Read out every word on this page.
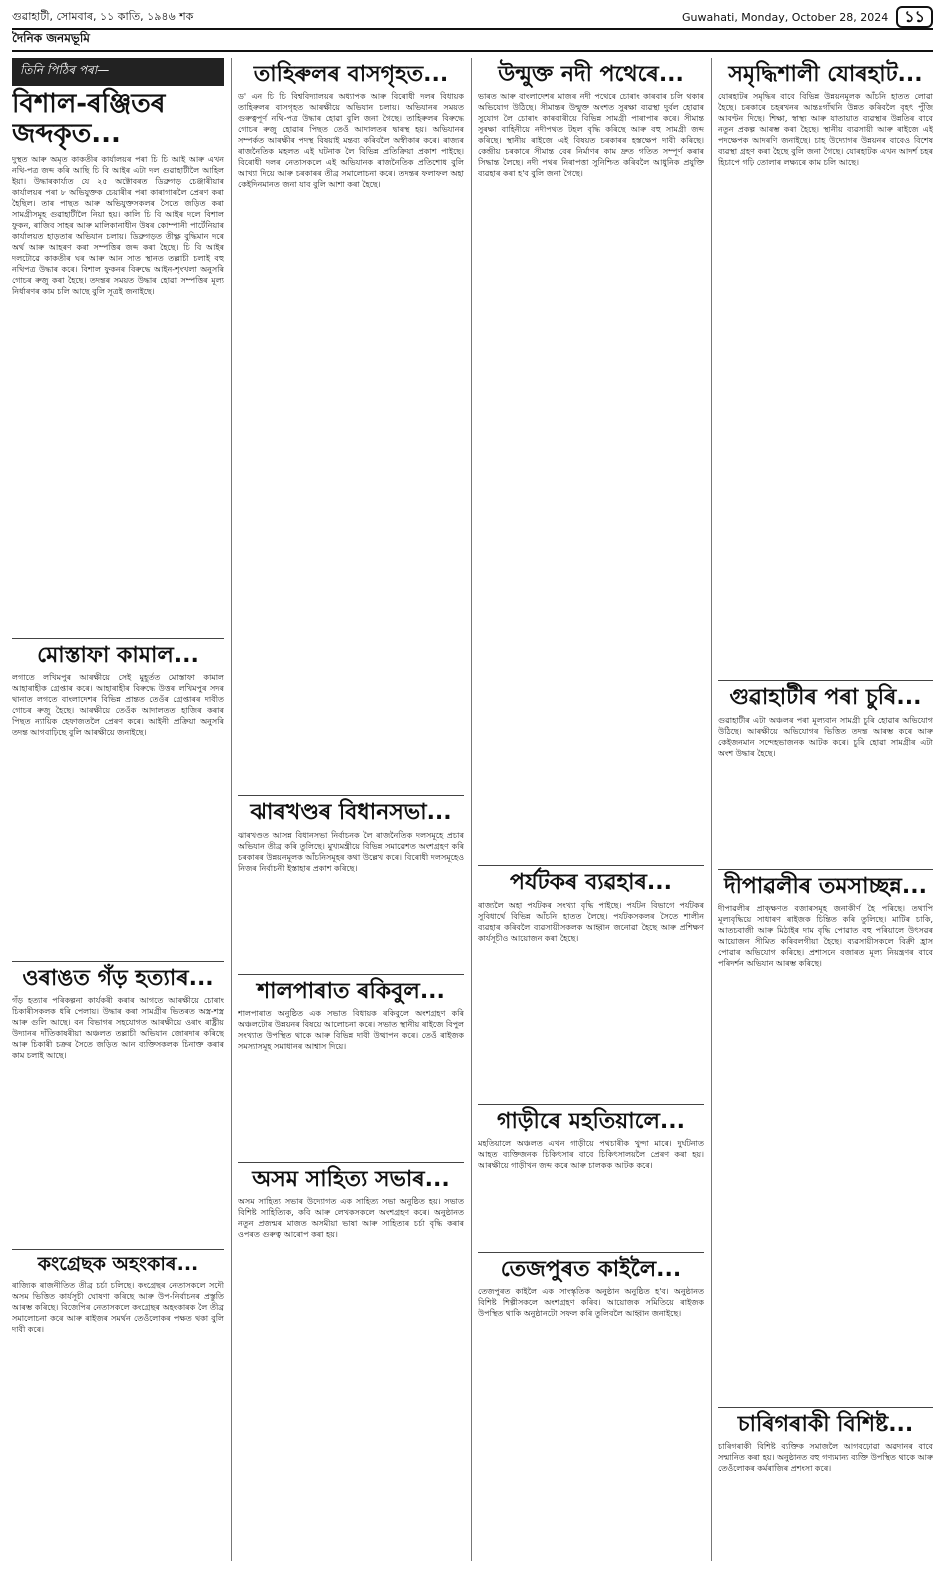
গুৱাহাটী, সোমবাৰ, ১১ কাতি, ১৯৪৬ শক	Guwahati, Monday, October 28, 2024	১১
দৈনিক জনমভূমি
তিনি পিঠিৰ পৰা—
বিশাল-ৰঞ্জিতৰ জব্দকৃত...
দুস্থত আৰু অমৃত কাকতীৰ কাৰ্যালয়ৰ পৰা চি চি আই আৰু এখন নথি-পত্ৰ জব্দ কৰি আছি চি বি আইৰ এটা দল গুৱাহাটীলৈ আহিল ইয়া। উদ্ধাৰকাৰ্য্যত যে ২৫ অক্টোবৰত ডিব্ৰুগড় চেঞ্জাৰীয়াৰ কাৰ্যালয়ৰ পৰা ৮ অভিযুক্তক চেয়াৰীৰ পৰা কাৰাগাৰলৈ প্ৰেৰণ কৰা হৈছিল। তাৰ পাছত আৰু অভিযুক্তসকলৰ সৈতে জড়িত কৰা সামগ্ৰীসমূহ গুৱাহাটীলৈ নিয়া হয়। কালি চি বি আইৰ দলে বিশাল ফুকন, ৰাজিব সাহৰ আৰু মালিকানাধীন উষৰ কোম্পানী পাৰ্টেনিয়াৰ কাৰ্যালয়ত হাড়তাৰ অভিযান চলায়। ডিব্ৰুগড়ত তীক্ষ্ণ বুদ্ধিমান দৰে অৰ্থ আৰু আহৰণ কৰা সম্পত্তিৰ জব্দ কৰা হৈছে। চি বি আইৰ দলটোৱে কাকতীৰ ঘৰ আৰু আন সাত স্থানত তল্লাচী চলাই বহু নথিপত্ৰ উদ্ধাৰ কৰে। বিশাল ফুকনৰ বিৰুদ্ধে আইন-শৃংখলা অনুসৰি গোচৰ ৰুজু কৰা হৈছে। তদন্তৰ সময়ত উদ্ধাৰ হোৱা সম্পত্তিৰ মূল্য নিৰ্ধাৰণৰ কাম চলি আছে বুলি সূত্ৰই জনাইছে।
মোস্তাফা কামাল...
লগাতে লখিমপুৰ আৰক্ষীয়ে সেই মুহূৰ্তত মোস্তাফা কামাল আহাৰাহীক গ্ৰেপ্তাৰ কৰে। আহাৰাহীৰ বিৰুদ্ধে উত্তৰ লখিমপুৰ সদৰ থানাত লগতে বাংলাদেশৰ বিভিন্ন প্ৰান্তত তেওঁৰ গ্ৰেপ্তাৰৰ দাবীত গোচৰ ৰুজু হৈছে। আৰক্ষীয়ে তেওঁক আদালতত হাজিৰ কৰাৰ পিছত ন্যায়িক হেফাজতলৈ প্ৰেৰণ কৰে। আইনী প্ৰক্ৰিয়া অনুসৰি তদন্ত আগবাঢ়িছে বুলি আৰক্ষীয়ে জনাইছে।
ওৰাঙত গঁড় হত্যাৰ...
গঁড় হত্যাৰ পৰিকল্পনা কাৰ্যকৰী কৰাৰ আগতে আৰক্ষীয়ে চোৰাং চিকাৰীসকলক ধৰি পেলায়। উদ্ধাৰ কৰা সামগ্ৰীৰ ভিতৰত অস্ত্ৰ-শস্ত্ৰ আৰু গুলি আছে। বন বিভাগৰ সহযোগত আৰক্ষীয়ে ওৰাং ৰাষ্ট্ৰীয় উদ্যানৰ দাঁতিকাষৰীয়া অঞ্চলত তল্লাচী অভিযান জোৰদাৰ কৰিছে আৰু চিকাৰী চক্ৰৰ সৈতে জড়িত আন ব্যক্তিসকলক চিনাক্ত কৰাৰ কাম চলাই আছে।
কংগ্ৰেছক অহংকাৰ...
ৰাজ্যিক ৰাজনীতিত তীব্ৰ চৰ্চা চলিছে। কংগ্ৰেছৰ নেতাসকলে সদৌ অসম ভিত্তিত কাৰ্যসূচী ঘোষণা কৰিছে আৰু উপ-নিৰ্বাচনৰ প্ৰস্তুতি আৰম্ভ কৰিছে। বিজেপিৰ নেতাসকলে কংগ্ৰেছৰ অহংকাৰক লৈ তীব্ৰ সমালোচনা কৰে আৰু ৰাইজৰ সমৰ্থন তেওঁলোকৰ পক্ষত থকা বুলি দাবী কৰে।
তাহিৰুলৰ বাসগৃহত...
ড' এন চি চি বিশ্ববিদ্যালয়ৰ অধ্যাপক আৰু বিৰোধী দলৰ বিধায়ক তাহিৰুলৰ বাসগৃহত আৰক্ষীয়ে অভিযান চলায়। অভিযানৰ সময়ত গুৰুত্বপূৰ্ণ নথি-পত্ৰ উদ্ধাৰ হোৱা বুলি জনা গৈছে। তাহিৰুলৰ বিৰুদ্ধে গোচৰ ৰুজু হোৱাৰ পিছত তেওঁ আদালতৰ দ্বাৰস্থ হয়। অভিযানৰ সম্পৰ্কত আৰক্ষীৰ পদস্থ বিষয়াই মন্তব্য কৰিবলৈ অস্বীকাৰ কৰে। ৰাজ্যৰ ৰাজনৈতিক মহলত এই ঘটনাক লৈ বিভিন্ন প্ৰতিক্ৰিয়া প্ৰকাশ পাইছে। বিৰোধী দলৰ নেতাসকলে এই অভিযানক ৰাজনৈতিক প্ৰতিশোধ বুলি আখ্যা দিয়ে আৰু চৰকাৰৰ তীব্ৰ সমালোচনা কৰে। তদন্তৰ ফলাফল অহা কেইদিনমানত জনা যাব বুলি আশা কৰা হৈছে।
ঝাৰখণ্ডৰ বিধানসভা...
ঝাৰখণ্ডত আসন্ন বিধানসভা নিৰ্বাচনক লৈ ৰাজনৈতিক দলসমূহে প্ৰচাৰ অভিযান তীব্ৰ কৰি তুলিছে। মুখ্যমন্ত্ৰীয়ে বিভিন্ন সমাৱেশত অংশগ্ৰহণ কৰি চৰকাৰৰ উন্নয়নমূলক আঁচনিসমূহৰ কথা উল্লেখ কৰে। বিৰোধী দলসমূহেও নিজৰ নিৰ্বাচনী ইস্তাহাৰ প্ৰকাশ কৰিছে।
শালপাৰাত ৰকিবুল...
শালপাৰাত অনুষ্ঠিত এক সভাত বিধায়ক ৰকিবুলে অংশগ্ৰহণ কৰি অঞ্চলটোৰ উন্নয়নৰ বিষয়ে আলোচনা কৰে। সভাত স্থানীয় ৰাইজে বিপুল সংখ্যাত উপস্থিত থাকে আৰু বিভিন্ন দাবী উত্থাপন কৰে। তেওঁ ৰাইজক সমস্যাসমূহ সমাধানৰ আশ্বাস দিয়ে।
অসম সাহিত্য সভাৰ...
অসম সাহিত্য সভাৰ উদ্যোগত এক সাহিত্য সভা অনুষ্ঠিত হয়। সভাত বিশিষ্ট সাহিত্যিক, কবি আৰু লেখকসকলে অংশগ্ৰহণ কৰে। অনুষ্ঠানত নতুন প্ৰজন্মৰ মাজত অসমীয়া ভাষা আৰু সাহিত্যৰ চৰ্চা বৃদ্ধি কৰাৰ ওপৰত গুৰুত্ব আৰোপ কৰা হয়।
উন্মুক্ত নদী পথেৰে...
ভাৰত আৰু বাংলাদেশৰ মাজৰ নদী পথেৰে চোৰাং কাৰবাৰ চলি থকাৰ অভিযোগ উঠিছে। সীমান্তৰ উন্মুক্ত অংশত সুৰক্ষা ব্যৱস্থা দুৰ্বল হোৱাৰ সুযোগ লৈ চোৰাং কাৰবাৰীয়ে বিভিন্ন সামগ্ৰী পাৰাপাৰ কৰে। সীমান্ত সুৰক্ষা বাহিনীয়ে নদীপথত টহল বৃদ্ধি কৰিছে আৰু বহু সামগ্ৰী জব্দ কৰিছে। স্থানীয় ৰাইজে এই বিষয়ত চৰকাৰৰ হস্তক্ষেপ দাবী কৰিছে। কেন্দ্ৰীয় চৰকাৰে সীমান্ত বেৰ নিৰ্মাণৰ কাম দ্ৰুত গতিত সম্পূৰ্ণ কৰাৰ সিদ্ধান্ত লৈছে। নদী পথৰ নিৰাপত্তা সুনিশ্চিত কৰিবলৈ আধুনিক প্ৰযুক্তি ব্যৱহাৰ কৰা হ'ব বুলি জনা গৈছে।
পৰ্যটকৰ ব্যৱহাৰ...
ৰাজ্যলৈ অহা পৰ্যটকৰ সংখ্যা বৃদ্ধি পাইছে। পৰ্যটন বিভাগে পৰ্যটকৰ সুবিধাৰ্থে বিভিন্ন আঁচনি হাতত লৈছে। পৰ্যটকসকলৰ সৈতে শালীন ব্যৱহাৰ কৰিবলৈ ব্যৱসায়ীসকলক আহ্বান জনোৱা হৈছে আৰু প্ৰশিক্ষণ কাৰ্যসূচীও আয়োজন কৰা হৈছে।
গাড়ীৰে মহতিয়ালে...
মহতিয়ালে অঞ্চলত এখন গাড়ীয়ে পথচাৰীক খুন্দা মাৰে। দুৰ্ঘটনাত আহত ব্যক্তিজনক চিকিৎসাৰ বাবে চিকিৎসালয়লৈ প্ৰেৰণ কৰা হয়। আৰক্ষীয়ে গাড়ীখন জব্দ কৰে আৰু চালকক আটক কৰে।
তেজপুৰত কাইলৈ...
তেজপুৰত কাইলৈ এক সাংস্কৃতিক অনুষ্ঠান অনুষ্ঠিত হ'ব। অনুষ্ঠানত বিশিষ্ট শিল্পীসকলে অংশগ্ৰহণ কৰিব। আয়োজক সমিতিয়ে ৰাইজক উপস্থিত থাকি অনুষ্ঠানটো সফল কৰি তুলিবলৈ আহ্বান জনাইছে।
সমৃদ্ধিশালী যোৰহাট...
যোৰহাটৰ সমৃদ্ধিৰ বাবে বিভিন্ন উন্নয়নমূলক আঁচনি হাতত লোৱা হৈছে। চৰকাৰে চহৰখনৰ আন্তঃগাঁথনি উন্নত কৰিবলৈ বৃহৎ পুঁজি আবণ্টন দিছে। শিক্ষা, স্বাস্থ্য আৰু যাতায়াত ব্যৱস্থাৰ উন্নতিৰ বাবে নতুন প্ৰকল্প আৰম্ভ কৰা হৈছে। স্থানীয় ব্যৱসায়ী আৰু ৰাইজে এই পদক্ষেপক আদৰণি জনাইছে। চাহ উদ্যোগৰ উন্নয়নৰ বাবেও বিশেষ ব্যৱস্থা গ্ৰহণ কৰা হৈছে বুলি জনা গৈছে। যোৰহাটক এখন আদৰ্শ চহৰ হিচাপে গঢ়ি তোলাৰ লক্ষ্যৰে কাম চলি আছে।
গুৱাহাটীৰ পৰা চুৰি...
গুৱাহাটীৰ এটা অঞ্চলৰ পৰা মূল্যবান সামগ্ৰী চুৰি হোৱাৰ অভিযোগ উঠিছে। আৰক্ষীয়ে অভিযোগৰ ভিত্তিত তদন্ত আৰম্ভ কৰে আৰু কেইজনমান সন্দেহভাজনক আটক কৰে। চুৰি হোৱা সামগ্ৰীৰ এটা অংশ উদ্ধাৰ হৈছে।
দীপাৱলীৰ তমসাচ্ছন্ন...
দীপাৱলীৰ প্ৰাক্ক্ষণত বজাৰসমূহ জনাকীৰ্ণ হৈ পৰিছে। তথাপি মূল্যবৃদ্ধিয়ে সাধাৰণ ৰাইজক চিন্তিত কৰি তুলিছে। মাটিৰ চাকি, আতচবাজী আৰু মিঠাইৰ দাম বৃদ্ধি পোৱাত বহু পৰিয়ালে উৎসৱৰ আয়োজন সীমিত কৰিবলগীয়া হৈছে। ব্যৱসায়ীসকলে বিক্ৰী হ্ৰাস পোৱাৰ অভিযোগ কৰিছে। প্ৰশাসনে বজাৰত মূল্য নিয়ন্ত্ৰণৰ বাবে পৰিদৰ্শন অভিযান আৰম্ভ কৰিছে।
চাৰিগৰাকী বিশিষ্ট...
চাৰিগৰাকী বিশিষ্ট ব্যক্তিক সমাজলৈ আগবঢ়োৱা অৱদানৰ বাবে সন্মানিত কৰা হয়। অনুষ্ঠানত বহু গণ্যমান্য ব্যক্তি উপস্থিত থাকে আৰু তেওঁলোকৰ কৰ্মৰাজিৰ প্ৰশংসা কৰে।
